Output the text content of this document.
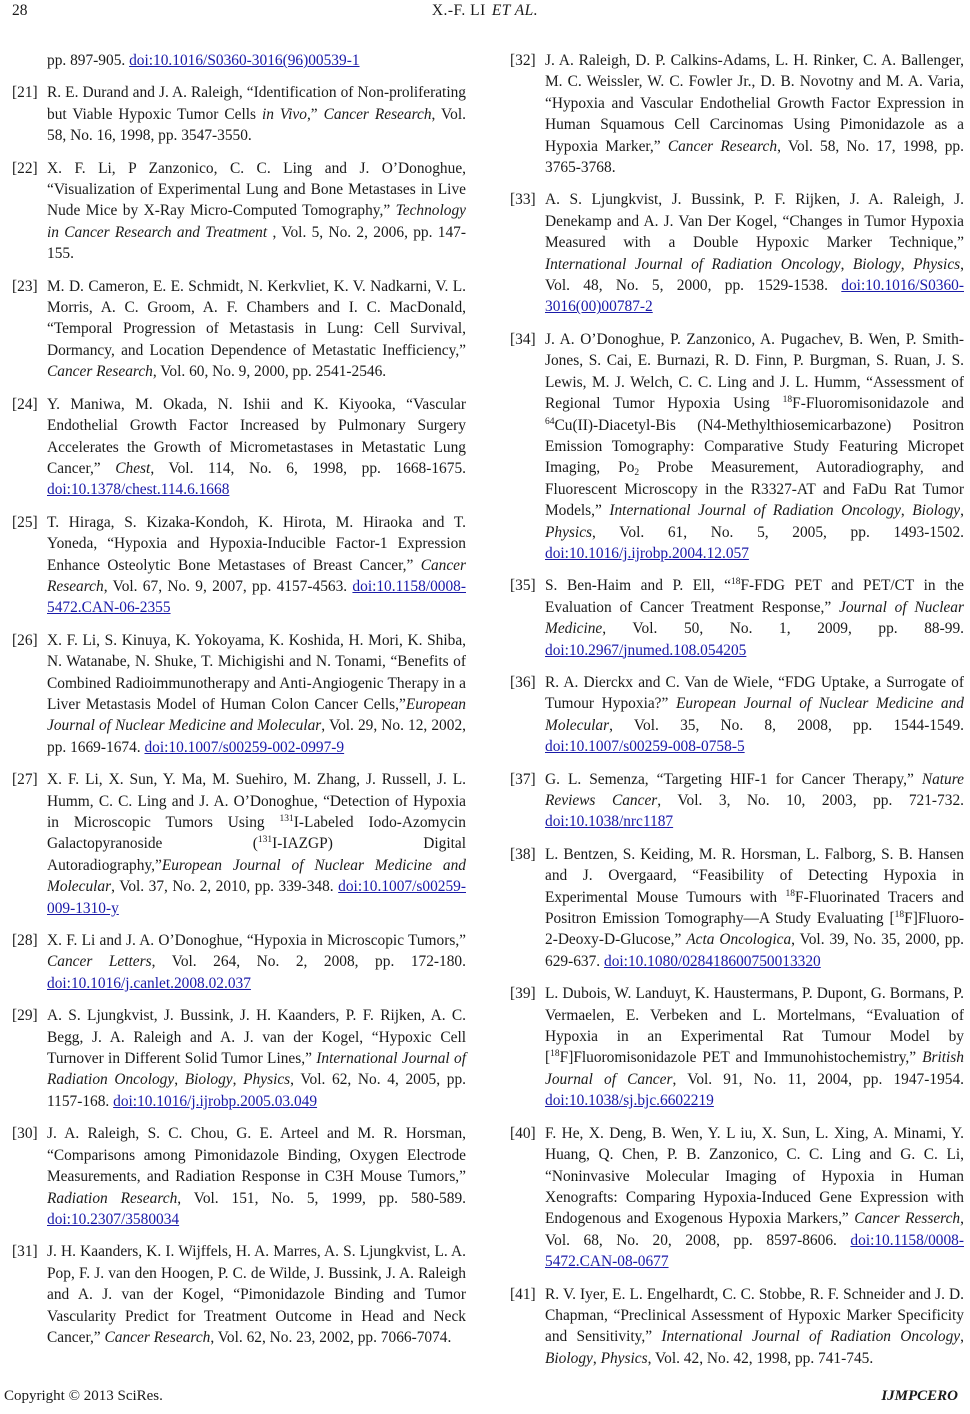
28	X.-F. LI ET AL.
pp. 897-905. doi:10.1016/S0360-3016(96)00539-1
[21] R. E. Durand and J. A. Raleigh, “Identification of Non-proliferating but Viable Hypoxic Tumor Cells in Vivo,” Cancer Research, Vol. 58, No. 16, 1998, pp. 3547-3550.
[22] X. F. Li, P Zanzonico, C. C. Ling and J. O’Donoghue, “Visualization of Experimental Lung and Bone Metastases in Live Nude Mice by X-Ray Micro-Computed Tomography,” Technology in Cancer Research and Treatment , Vol. 5, No. 2, 2006, pp. 147-155.
[23] M. D. Cameron, E. E. Schmidt, N. Kerkvliet, K. V. Nadkarni, V. L. Morris, A. C. Groom, A. F. Chambers and I. C. MacDonald, “Temporal Progression of Metastasis in Lung: Cell Survival, Dormancy, and Location Dependence of Metastatic Inefficiency,” Cancer Research, Vol. 60, No. 9, 2000, pp. 2541-2546.
[24] Y. Maniwa, M. Okada, N. Ishii and K. Kiyooka, “Vascular Endothelial Growth Factor Increased by Pulmonary Surgery Accelerates the Growth of Micrometastases in Metastatic Lung Cancer,” Chest, Vol. 114, No. 6, 1998, pp. 1668-1675. doi:10.1378/chest.114.6.1668
[25] T. Hiraga, S. Kizaka-Kondoh, K. Hirota, M. Hiraoka and T. Yoneda, “Hypoxia and Hypoxia-Inducible Factor-1 Expression Enhance Osteolytic Bone Metastases of Breast Cancer,” Cancer Research, Vol. 67, No. 9, 2007, pp. 4157-4563. doi:10.1158/0008-5472.CAN-06-2355
[26] X. F. Li, S. Kinuya, K. Yokoyama, K. Koshida, H. Mori, K. Shiba, N. Watanabe, N. Shuke, T. Michigishi and N. Tonami, “Benefits of Combined Radioimmunotherapy and Anti-Angiogenic Therapy in a Liver Metastasis Model of Human Colon Cancer Cells,”European Journal of Nuclear Medicine and Molecular, Vol. 29, No. 12, 2002, pp. 1669-1674. doi:10.1007/s00259-002-0997-9
[27] X. F. Li, X. Sun, Y. Ma, M. Suehiro, M. Zhang, J. Russell, J. L. Humm, C. C. Ling and J. A. O’Donoghue, “Detection of Hypoxia in Microscopic Tumors Using $^{131}$I-Labeled Iodo-Azomycin Galactopyranoside ($^{131}$I-IAZGP) Digital Autoradiography,”European Journal of Nuclear Medicine and Molecular, Vol. 37, No. 2, 2010, pp. 339-348. doi:10.1007/s00259-009-1310-y
[28] X. F. Li and J. A. O’Donoghue, “Hypoxia in Microscopic Tumors,” Cancer Letters, Vol. 264, No. 2, 2008, pp. 172-180. doi:10.1016/j.canlet.2008.02.037
[29] A. S. Ljungkvist, J. Bussink, J. H. Kaanders, P. F. Rijken, A. C. Begg, J. A. Raleigh and A. J. van der Kogel, “Hypoxic Cell Turnover in Different Solid Tumor Lines,” International Journal of Radiation Oncology, Biology, Physics, Vol. 62, No. 4, 2005, pp. 1157-168. doi:10.1016/j.ijrobp.2005.03.049
[30] J. A. Raleigh, S. C. Chou, G. E. Arteel and M. R. Horsman, “Comparisons among Pimonidazole Binding, Oxygen Electrode Measurements, and Radiation Response in C3H Mouse Tumors,” Radiation Research, Vol. 151, No. 5, 1999, pp. 580-589. doi:10.2307/3580034
[31] J. H. Kaanders, K. I. Wijffels, H. A. Marres, A. S. Ljungkvist, L. A. Pop, F. J. van den Hoogen, P. C. de Wilde, J. Bussink, J. A. Raleigh and A. J. van der Kogel, “Pimonidazole Binding and Tumor Vascularity Predict for Treatment Outcome in Head and Neck Cancer,” Cancer Research, Vol. 62, No. 23, 2002, pp. 7066-7074.
[32] J. A. Raleigh, D. P. Calkins-Adams, L. H. Rinker, C. A. Ballenger, M. C. Weissler, W. C. Fowler Jr., D. B. Novotny and M. A. Varia, “Hypoxia and Vascular Endothelial Growth Factor Expression in Human Squamous Cell Carcinomas Using Pimonidazole as a Hypoxia Marker,” Cancer Research, Vol. 58, No. 17, 1998, pp. 3765-3768.
[33] A. S. Ljungkvist, J. Bussink, P. F. Rijken, J. A. Raleigh, J. Denekamp and A. J. Van Der Kogel, “Changes in Tumor Hypoxia Measured with a Double Hypoxic Marker Technique,” International Journal of Radiation Oncology, Biology, Physics, Vol. 48, No. 5, 2000, pp. 1529-1538. doi:10.1016/S0360-3016(00)00787-2
[34] J. A. O’Donoghue, P. Zanzonico, A. Pugachev, B. Wen, P. Smith-Jones, S. Cai, E. Burnazi, R. D. Finn, P. Burgman, S. Ruan, J. S. Lewis, M. J. Welch, C. C. Ling and J. L. Humm, “Assessment of Regional Tumor Hypoxia Using $^{18}$F-Fluoromisonidazole and $^{64}$Cu(II)-Diacetyl-Bis (N4-Methylthiosemicarbazone) Positron Emission Tomography: Comparative Study Featuring Micropet Imaging, $Po_2$ Probe Measurement, Autoradiography, and Fluorescent Microscopy in the R3327-AT and FaDu Rat Tumor Models,” International Journal of Radiation Oncology, Biology, Physics, Vol. 61, No. 5, 2005, pp. 1493-1502. doi:10.1016/j.ijrobp.2004.12.057
[35] S. Ben-Haim and P. Ell, “$^{18}$F-FDG PET and PET/CT in the Evaluation of Cancer Treatment Response,” Journal of Nuclear Medicine, Vol. 50, No. 1, 2009, pp. 88-99. doi:10.2967/jnumed.108.054205
[36] R. A. Dierckx and C. Van de Wiele, “FDG Uptake, a Surrogate of Tumour Hypoxia?” European Journal of Nuclear Medicine and Molecular, Vol. 35, No. 8, 2008, pp. 1544-1549. doi:10.1007/s00259-008-0758-5
[37] G. L. Semenza, “Targeting HIF-1 for Cancer Therapy,” Nature Reviews Cancer, Vol. 3, No. 10, 2003, pp. 721-732. doi:10.1038/nrc1187
[38] L. Bentzen, S. Keiding, M. R. Horsman, L. Falborg, S. B. Hansen and J. Overgaard, “Feasibility of Detecting Hypoxia in Experimental Mouse Tumours with $^{18}$F-Fluorinated Tracers and Positron Emission Tomography—A Study Evaluating [$^{18}$F]Fluoro-2-Deoxy-D-Glucose,” Acta Oncologica, Vol. 39, No. 35, 2000, pp. 629-637. doi:10.1080/028418600750013320
[39] L. Dubois, W. Landuyt, K. Haustermans, P. Dupont, G. Bormans, P. Vermaelen, E. Verbeken and L. Mortelmans, “Evaluation of Hypoxia in an Experimental Rat Tumour Model by [$^{18}$F]Fluoromisonidazole PET and Immunohistochemistry,” British Journal of Cancer, Vol. 91, No. 11, 2004, pp. 1947-1954. doi:10.1038/sj.bjc.6602219
[40] F. He, X. Deng, B. Wen, Y. L iu, X. Sun, L. Xing, A. Minami, Y. Huang, Q. Chen, P. B. Zanzonico, C. C. Ling and G. C. Li, “Noninvasive Molecular Imaging of Hypoxia in Human Xenografts: Comparing Hypoxia-Induced Gene Expression with Endogenous and Exogenous Hypoxia Markers,” Cancer Resserch, Vol. 68, No. 20, 2008, pp. 8597-8606. doi:10.1158/0008-5472.CAN-08-0677
[41] R. V. Iyer, E. L. Engelhardt, C. C. Stobbe, R. F. Schneider and J. D. Chapman, “Preclinical Assessment of Hypoxic Marker Specificity and Sensitivity,” International Journal of Radiation Oncology, Biology, Physics, Vol. 42, No. 42, 1998, pp. 741-745.
Copyright © 2013 SciRes.	IJMPCERO
